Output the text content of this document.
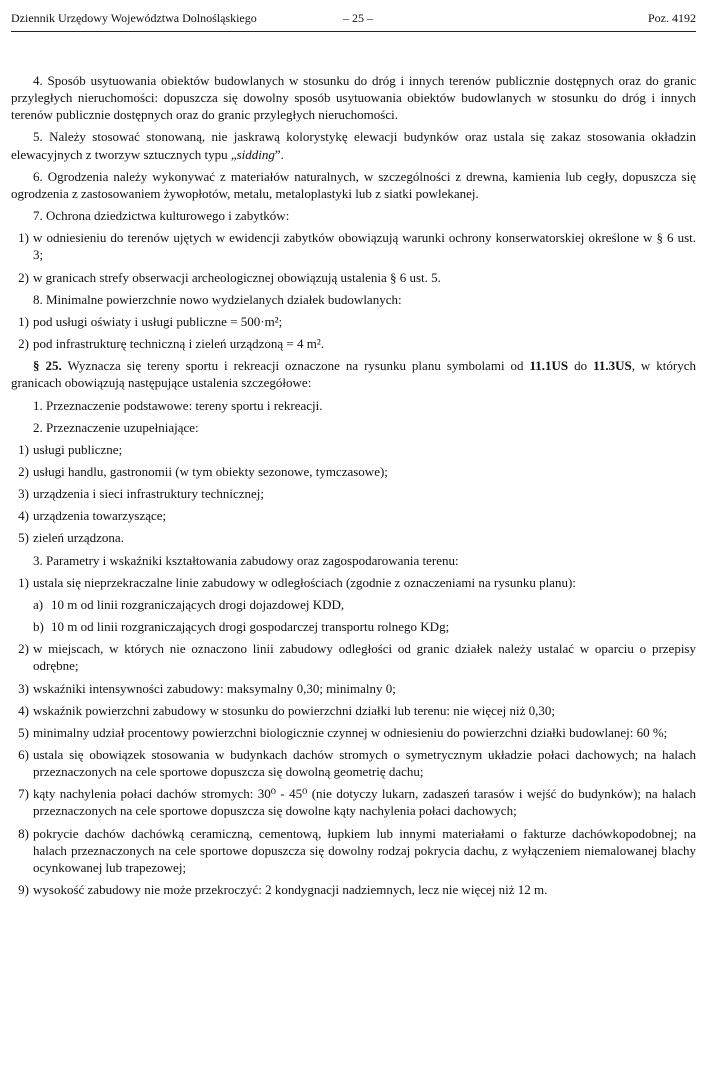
Dziennik Urzędowy Województwa Dolnośląskiego	– 25 –	Poz. 4192

4. Sposób usytuowania obiektów budowlanych w stosunku do dróg i innych terenów publicznie dostępnych oraz do granic przyległych nieruchomości: dopuszcza się dowolny sposób usytuowania obiektów budowlanych w stosunku do dróg i innych terenów publicznie dostępnych oraz do granic przyległych nieruchomości.

5. Należy stosować stonowaną, nie jaskrawą kolorystykę elewacji budynków oraz ustala się zakaz stosowania okładzin elewacyjnych z tworzyw sztucznych typu „sidding”.

6. Ogrodzenia należy wykonywać z materiałów naturalnych, w szczególności z drewna, kamienia lub cegły, dopuszcza się ogrodzenia z zastosowaniem żywopłotów, metalu, metaloplastyki lub z siatki powlekanej.

7. Ochrona dziedzictwa kulturowego i zabytków:

1) w odniesieniu do terenów ujętych w ewidencji zabytków obowiązują warunki ochrony konserwatorskiej określone w § 6 ust. 3;
2) w granicach strefy obserwacji archeologicznej obowiązują ustalenia § 6 ust. 5.

8. Minimalne powierzchnie nowo wydzielanych działek budowlanych:

1) pod usługi oświaty i usługi publiczne = 500·m²;
2) pod infrastrukturę techniczną i zieleń urządzoną = 4 m².

§ 25. Wyznacza się tereny sportu i rekreacji oznaczone na rysunku planu symbolami od 11.1US do 11.3US, w których granicach obowiązują następujące ustalenia szczegółowe:

1. Przeznaczenie podstawowe: tereny sportu i rekreacji.

2. Przeznaczenie uzupełniające:

1) usługi publiczne;
2) usługi handlu, gastronomii (w tym obiekty sezonowe, tymczasowe);
3) urządzenia i sieci infrastruktury technicznej;
4) urządzenia towarzyszące;
5) zieleń urządzona.

3. Parametry i wskaźniki kształtowania zabudowy oraz zagospodarowania terenu:

1) ustala się nieprzekraczalne linie zabudowy w odległościach (zgodnie z oznaczeniami na rysunku planu):
a) 10 m od linii rozgraniczających drogi dojazdowej KDD,
b) 10 m od linii rozgraniczających drogi gospodarczej transportu rolnego KDg;
2) w miejscach, w których nie oznaczono linii zabudowy odległości od granic działek należy ustalać w oparciu o przepisy odrębne;
3) wskaźniki intensywności zabudowy: maksymalny 0,30; minimalny 0;
4) wskaźnik powierzchni zabudowy w stosunku do powierzchni działki lub terenu: nie więcej niż 0,30;
5) minimalny udział procentowy powierzchni biologicznie czynnej w odniesieniu do powierzchni działki budowlanej: 60 %;
6) ustala się obowiązek stosowania w budynkach dachów stromych o symetrycznym układzie połaci dachowych; na halach przeznaczonych na cele sportowe dopuszcza się dowolną geometrię dachu;
7) kąty nachylenia połaci dachów stromych: 30⁰ - 45⁰ (nie dotyczy lukarn, zadaszeń tarasów i wejść do budynków); na halach przeznaczonych na cele sportowe dopuszcza się dowolne kąty nachylenia połaci dachowych;
8) pokrycie dachów dachówką ceramiczną, cementową, łupkiem lub innymi materiałami o fakturze dachówkopodobnej; na halach przeznaczonych na cele sportowe dopuszcza się dowolny rodzaj pokrycia dachu, z wyłączeniem niemalowanej blachy ocynkowanej lub trapezowej;
9) wysokość zabudowy nie może przekroczyć: 2 kondygnacji nadziemnych, lecz nie więcej niż 12 m.
